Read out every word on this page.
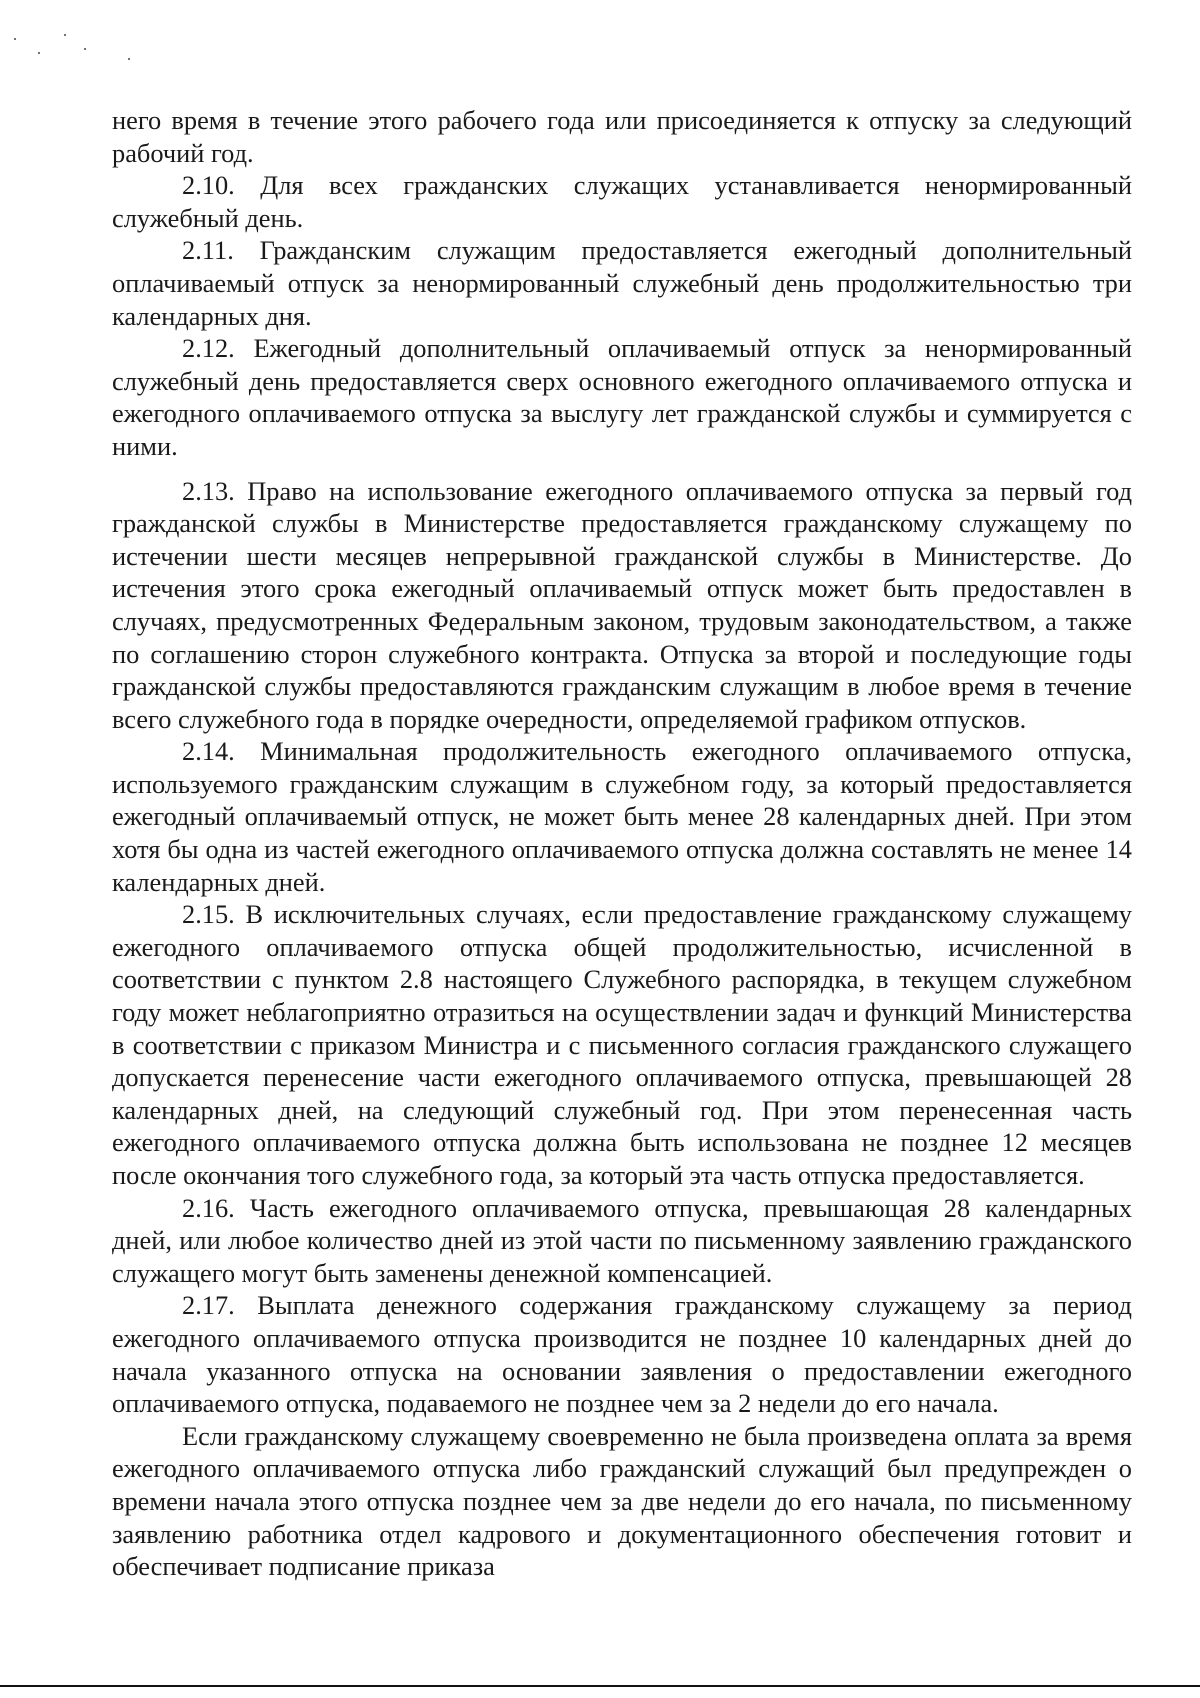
него время в течение этого рабочего года или присоединяется к отпуску за следующий рабочий год.

2.10. Для всех гражданских служащих устанавливается ненормированный служебный день.

2.11. Гражданским служащим предоставляется ежегодный дополнительный оплачиваемый отпуск за ненормированный служебный день продолжительностью три календарных дня.

2.12. Ежегодный дополнительный оплачиваемый отпуск за ненормированный служебный день предоставляется сверх основного ежегодного оплачиваемого отпуска и ежегодного оплачиваемого отпуска за выслугу лет гражданской службы и суммируется с ними.

2.13. Право на использование ежегодного оплачиваемого отпуска за первый год гражданской службы в Министерстве предоставляется гражданскому служащему по истечении шести месяцев непрерывной гражданской службы в Министерстве. До истечения этого срока ежегодный оплачиваемый отпуск может быть предоставлен в случаях, предусмотренных Федеральным законом, трудовым законодательством, а также по соглашению сторон служебного контракта. Отпуска за второй и последующие годы гражданской службы предоставляются гражданским служащим в любое время в течение всего служебного года в порядке очередности, определяемой графиком отпусков.

2.14. Минимальная продолжительность ежегодного оплачиваемого отпуска, используемого гражданским служащим в служебном году, за который предоставляется ежегодный оплачиваемый отпуск, не может быть менее 28 календарных дней. При этом хотя бы одна из частей ежегодного оплачиваемого отпуска должна составлять не менее 14 календарных дней.

2.15. В исключительных случаях, если предоставление гражданскому служащему ежегодного оплачиваемого отпуска общей продолжительностью, исчисленной в соответствии с пунктом 2.8 настоящего Служебного распорядка, в текущем служебном году может неблагоприятно отразиться на осуществлении задач и функций Министерства в соответствии с приказом Министра и с письменного согласия гражданского служащего допускается перенесение части ежегодного оплачиваемого отпуска, превышающей 28 календарных дней, на следующий служебный год. При этом перенесенная часть ежегодного оплачиваемого отпуска должна быть использована не позднее 12 месяцев после окончания того служебного года, за который эта часть отпуска предоставляется.

2.16. Часть ежегодного оплачиваемого отпуска, превышающая 28 календарных дней, или любое количество дней из этой части по письменному заявлению гражданского служащего могут быть заменены денежной компенсацией.

2.17. Выплата денежного содержания гражданскому служащему за период ежегодного оплачиваемого отпуска производится не позднее 10 календарных дней до начала указанного отпуска на основании заявления о предоставлении ежегодного оплачиваемого отпуска, подаваемого не позднее чем за 2 недели до его начала.

Если гражданскому служащему своевременно не была произведена оплата за время ежегодного оплачиваемого отпуска либо гражданский служащий был предупрежден о времени начала этого отпуска позднее чем за две недели до его начала, по письменному заявлению работника отдел кадрового и документационного обеспечения готовит и обеспечивает подписание приказа
